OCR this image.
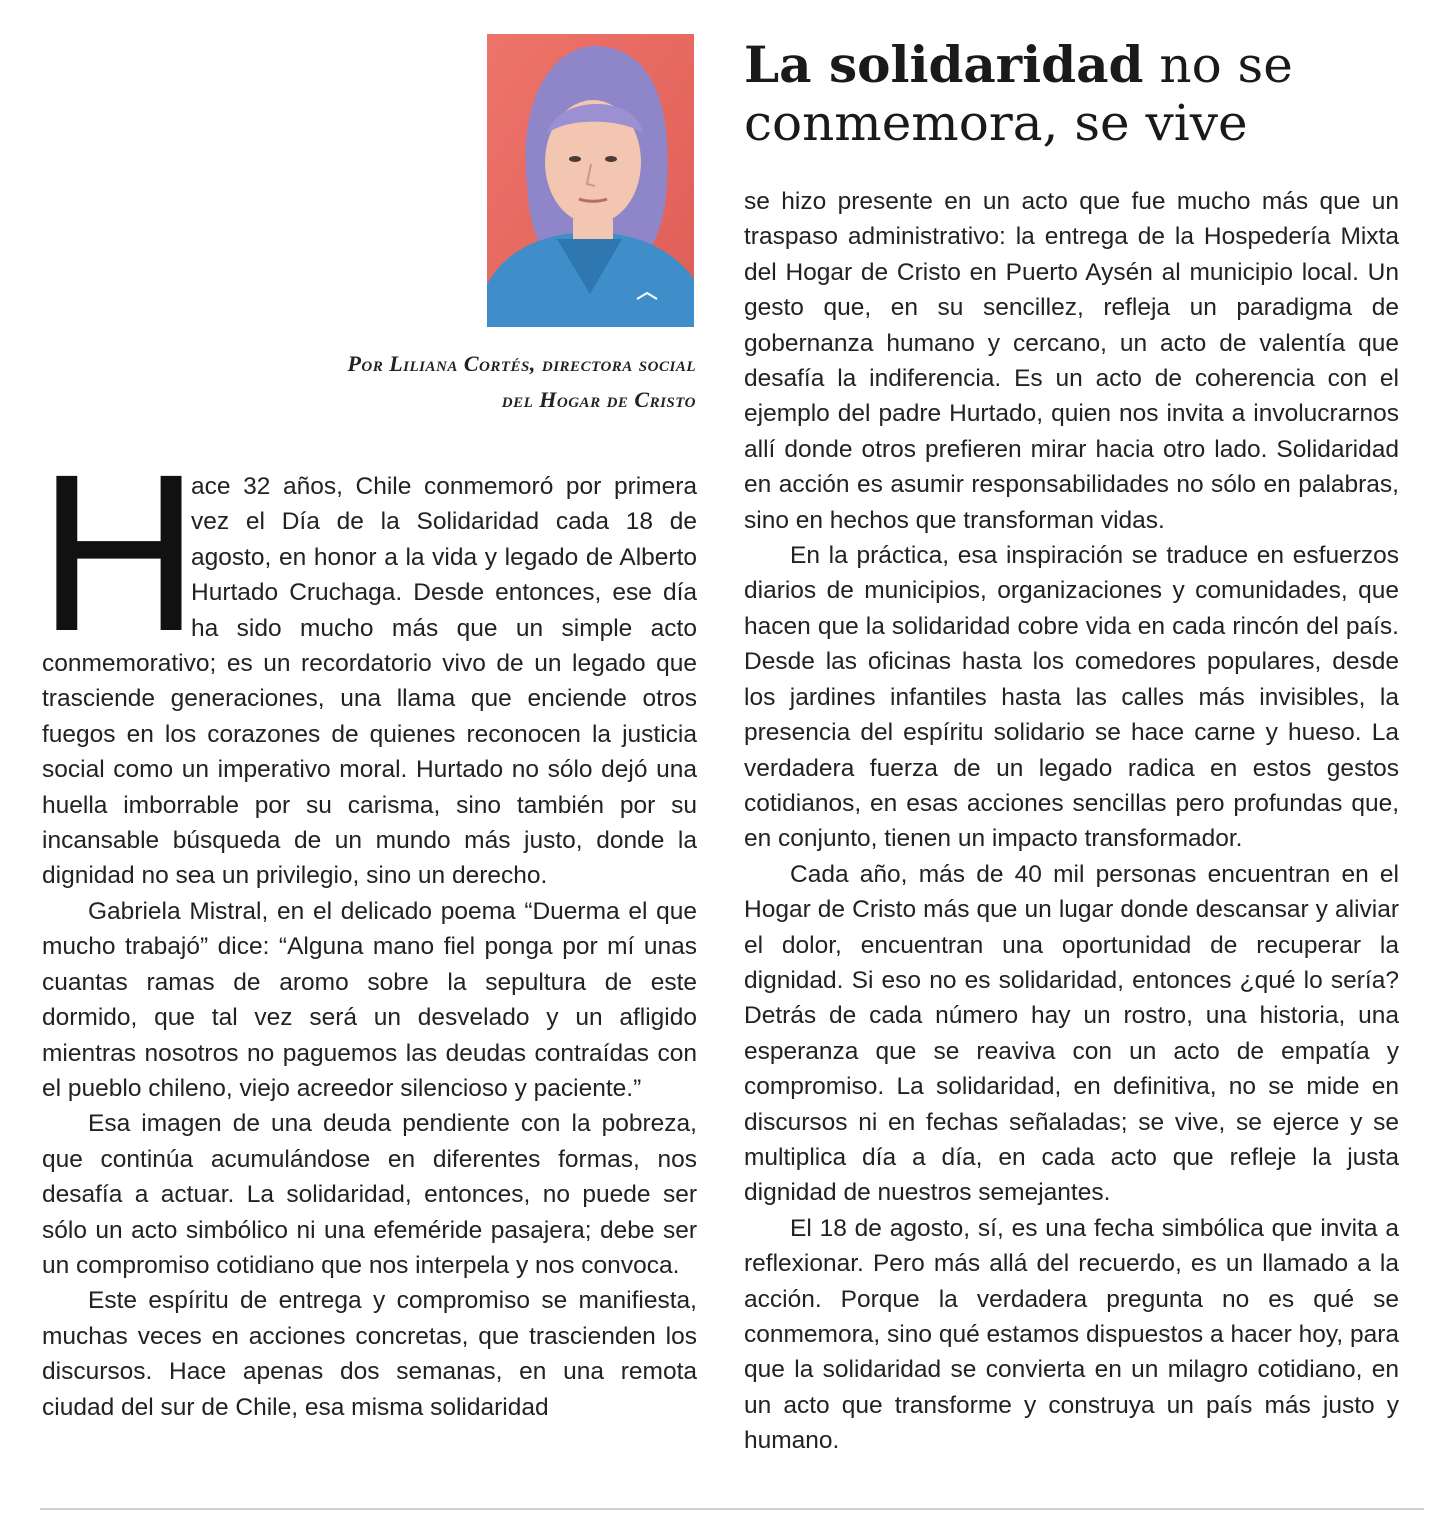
La solidaridad no se conmemora, se vive
Por Liliana Cortés, directora social
del Hogar de Cristo

H
ace 32 años, Chile conmemoró por primera vez el Día de la Solidaridad cada 18 de agosto, en honor a la vida y legado de Alberto Hurtado Cruchaga. Desde entonces, ese día ha sido mucho más que un simple acto conmemorativo; es un recordatorio vivo de un legado que trasciende generaciones, una llama que enciende otros fuegos en los corazones de quienes reconocen la justicia social como un imperativo moral. Hurtado no sólo dejó una huella imborrable por su carisma, sino también por su incansable búsqueda de un mundo más justo, donde la dignidad no sea un privilegio, sino un derecho.

Gabriela Mistral, en el delicado poema “Duerma el que mucho trabajó” dice: “Alguna mano fiel ponga por mí unas cuantas ramas de aromo sobre la sepultura de este dormido, que tal vez será un desvelado y un afligido mientras nosotros no paguemos las deudas contraídas con el pueblo chileno, viejo acreedor silencioso y paciente.”

Esa imagen de una deuda pendiente con la pobreza, que continúa acumulándose en diferentes formas, nos desafía a actuar. La solidaridad, entonces, no puede ser sólo un acto simbólico ni una efeméride pasajera; debe ser un compromiso cotidiano que nos interpela y nos convoca.

Este espíritu de entrega y compromiso se manifiesta, muchas veces en acciones concretas, que trascienden los discursos. Hace apenas dos semanas, en una remota ciudad del sur de Chile, esa misma solidaridad

se hizo presente en un acto que fue mucho más que un traspaso administrativo: la entrega de la Hospedería Mixta del Hogar de Cristo en Puerto Aysén al municipio local. Un gesto que, en su sencillez, refleja un paradigma de gobernanza humano y cercano, un acto de valentía que desafía la indiferencia. Es un acto de coherencia con el ejemplo del padre Hurtado, quien nos invita a involucrarnos allí donde otros prefieren mirar hacia otro lado. Solidaridad en acción es asumir responsabilidades no sólo en palabras, sino en hechos que transforman vidas.

En la práctica, esa inspiración se traduce en esfuerzos diarios de municipios, organizaciones y comunidades, que hacen que la solidaridad cobre vida en cada rincón del país. Desde las oficinas hasta los comedores populares, desde los jardines infantiles hasta las calles más invisibles, la presencia del espíritu solidario se hace carne y hueso. La verdadera fuerza de un legado radica en estos gestos cotidianos, en esas acciones sencillas pero profundas que, en conjunto, tienen un impacto transformador.

Cada año, más de 40 mil personas encuentran en el Hogar de Cristo más que un lugar donde descansar y aliviar el dolor, encuentran una oportunidad de recuperar la dignidad. Si eso no es solidaridad, entonces ¿qué lo sería? Detrás de cada número hay un rostro, una historia, una esperanza que se reaviva con un acto de empatía y compromiso. La solidaridad, en definitiva, no se mide en discursos ni en fechas señaladas; se vive, se ejerce y se multiplica día a día, en cada acto que refleje la justa dignidad de nuestros semejantes.

El 18 de agosto, sí, es una fecha simbólica que invita a reflexionar. Pero más allá del recuerdo, es un llamado a la acción. Porque la verdadera pregunta no es qué se conmemora, sino qué estamos dispuestos a hacer hoy, para que la solidaridad se convierta en un milagro cotidiano, en un acto que transforme y construya un país más justo y humano.
